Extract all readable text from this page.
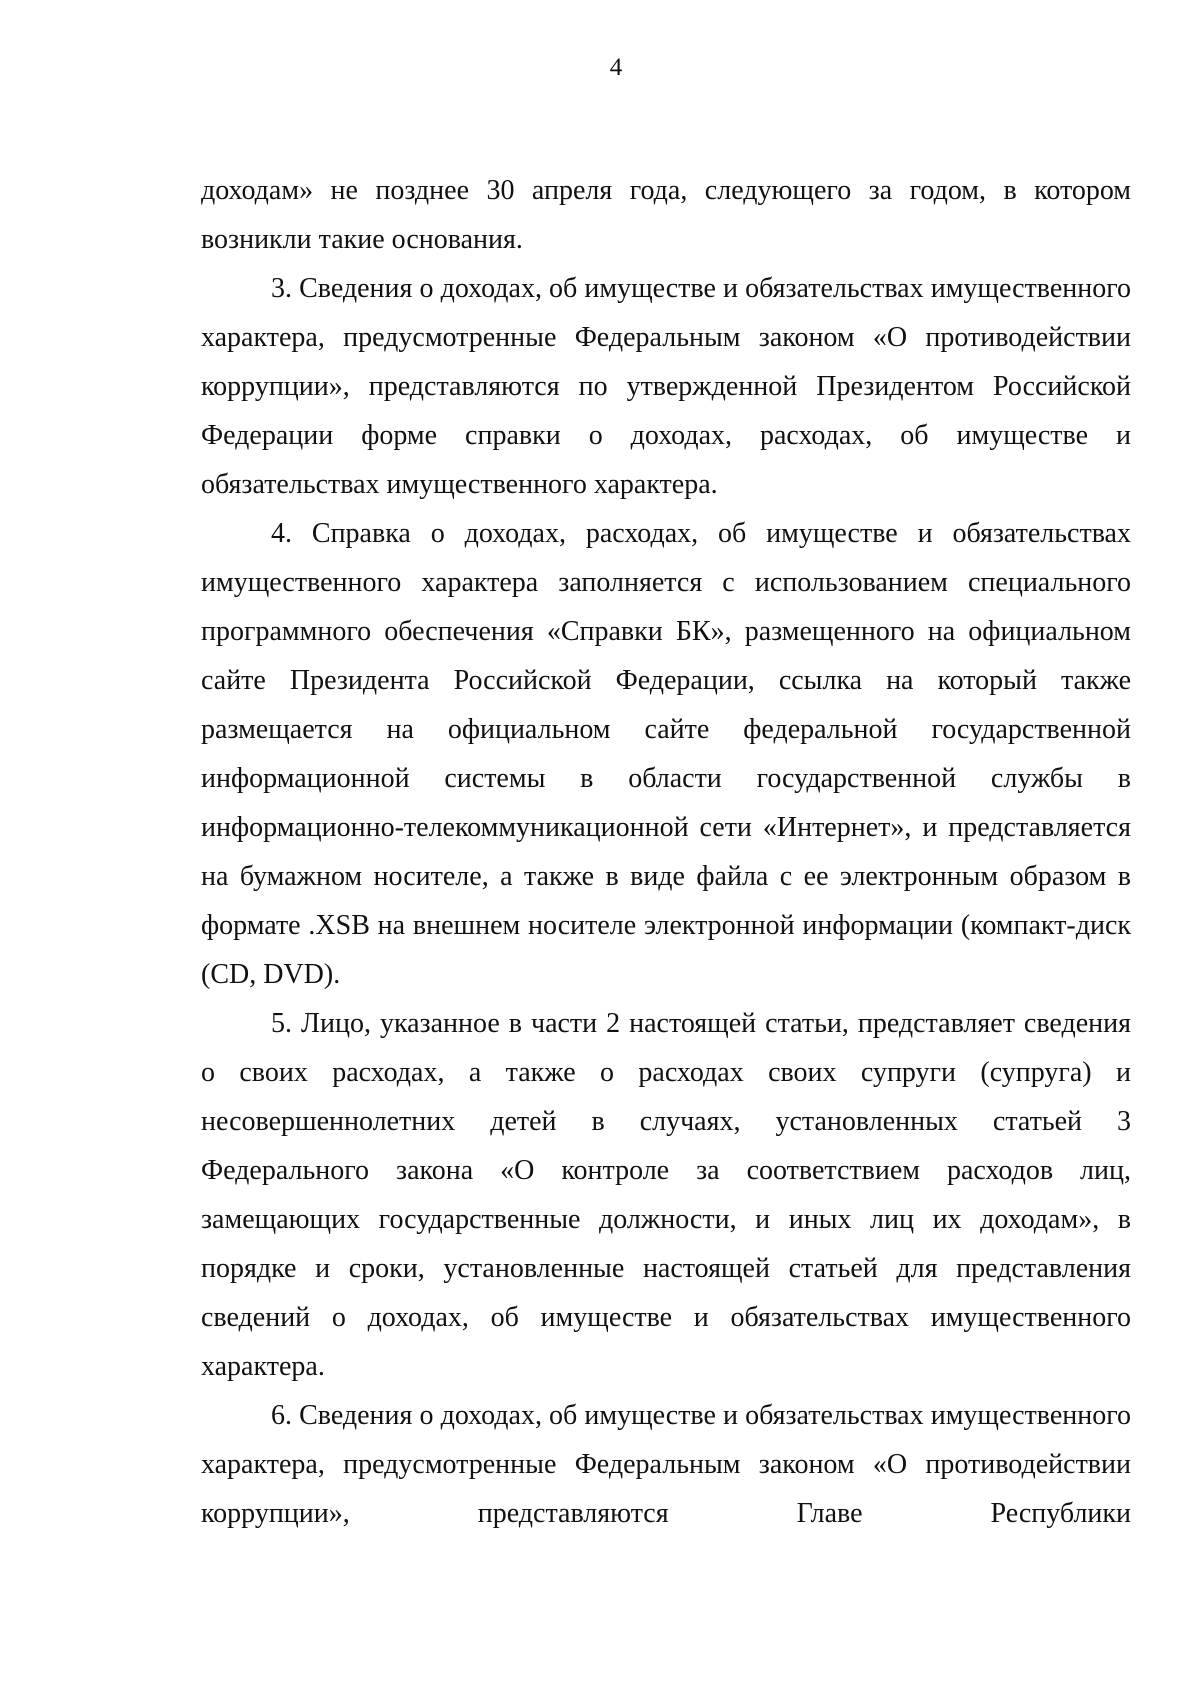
4

доходам» не позднее 30 апреля года, следующего за годом, в котором возникли такие основания.

3. Сведения о доходах, об имуществе и обязательствах имущественного характера, предусмотренные Федеральным законом «О противодействии коррупции», представляются по утвержденной Президентом Российской Федерации форме справки о доходах, расходах, об имуществе и обязательствах имущественного характера.

4. Справка о доходах, расходах, об имуществе и обязательствах имущественного характера заполняется с использованием специального программного обеспечения «Справки БК», размещенного на официальном сайте Президента Российской Федерации, ссылка на который также размещается на официальном сайте федеральной государственной информационной системы в области государственной службы в информационно-телекоммуникационной сети «Интернет», и представляется на бумажном носителе, а также в виде файла с ее электронным образом в формате .XSB на внешнем носителе электронной информации (компакт-диск (CD, DVD).

5. Лицо, указанное в части 2 настоящей статьи, представляет сведения о своих расходах, а также о расходах своих супруги (супруга) и несовершеннолетних детей в случаях, установленных статьей 3 Федерального закона «О контроле за соответствием расходов лиц, замещающих государственные должности, и иных лиц их доходам», в порядке и сроки, установленные настоящей статьей для представления сведений о доходах, об имуществе и обязательствах имущественного характера.

6. Сведения о доходах, об имуществе и обязательствах имущественного характера, предусмотренные Федеральным законом «О противодействии коррупции», представляются Главе Республики
